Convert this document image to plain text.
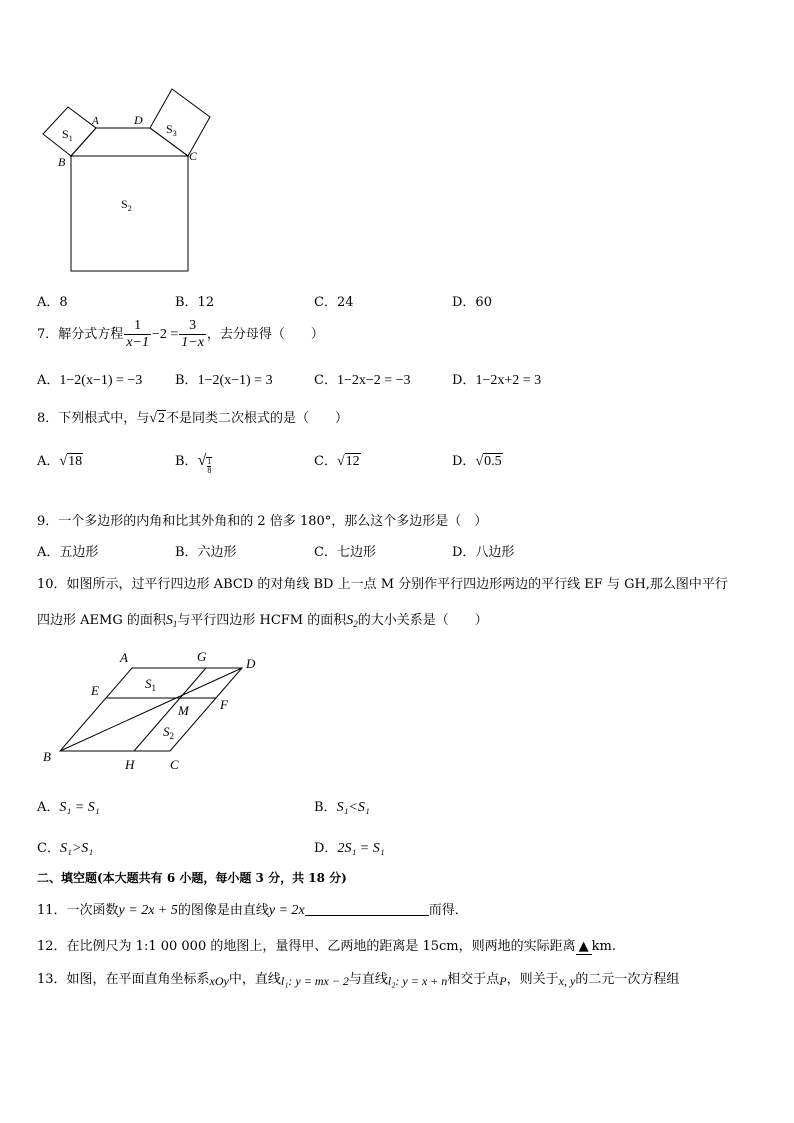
A	D
B	C
$S_1$
$S_2$
$S_3$
A．8	B．12	C．24	D．60
7．解分式方程 $\frac{1}{x-1} -2 = \frac{3}{1-x}$ ，去分母得（　　）
A．1−2(x−1) = −3	B．1−2(x−1) = 3	C．1−2x−2 = −3	D．1−2x+2 = 3
8．下列根式中，与√2不是同类二次根式的是（　　）
A．√18	B．√ $\frac{1}{8}$	C．√12	D．√0.5
9．一个多边形的内角和比其外角和的 2 倍多 180°，那么这个多边形是（　）
A．五边形	B．六边形	C．七边形	D．八边形
10．如图所示，过平行四边形 ABCD 的对角线 BD 上一点 M 分别作平行四边形两边的平行线 EF 与 GH,那么图中平行
四边形 AEMG 的面积$S_1$与平行四边形 HCFM 的面积$S_2$的大小关系是（　　）
A	G	D
E
M F
B
H	C
$S_1$
$S_2$
A．S₁ = S₁	B．S₁<S₁
C．S₁>S₁	D．2S₁ = S₁
二、填空题(本大题共有 6 小题，每小题 3 分，共 18 分)
11．一次函数y = 2x + 5的图像是由直线y = 2x	而得．
12．在比例尺为 1:1 00 000 的地图上，量得甲、乙两地的距离是 15cm，则两地的实际距离 ▲ km.
13．如图，在平面直角坐标系xOy中，直线l₁: y = mx − 2与直线l₂: y = x + n相交于点P，则关于x, y的二元一次方程组
